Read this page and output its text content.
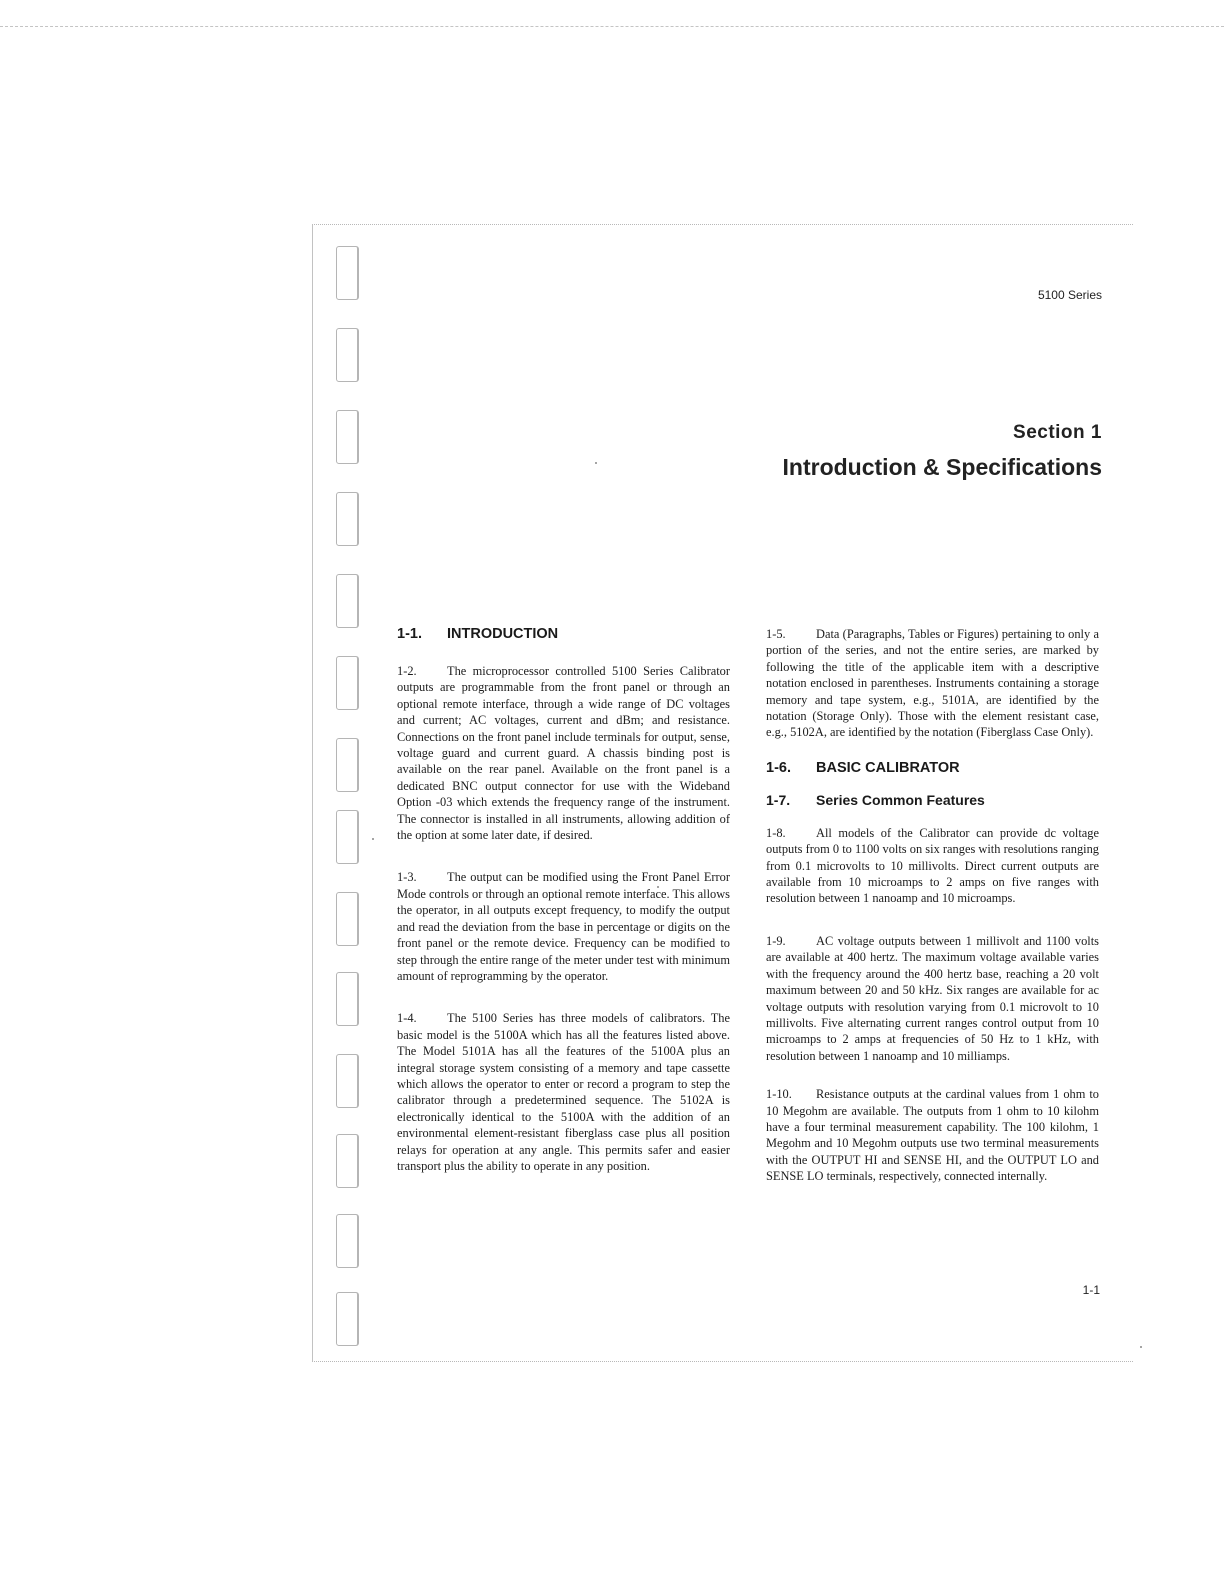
5100 Series
Section 1
Introduction & Specifications
1-1. INTRODUCTION

1-2. The microprocessor controlled 5100 Series Calibrator outputs are programmable from the front panel or through an optional remote interface, through a wide range of DC voltages and current; AC voltages, current and dBm; and resistance. Connections on the front panel include terminals for output, sense, voltage guard and current guard. A chassis binding post is available on the rear panel. Available on the front panel is a dedicated BNC output connector for use with the Wideband Option -03 which extends the frequency range of the instrument. The connector is installed in all instruments, allowing addition of the option at some later date, if desired.

1-3. The output can be modified using the Front Panel Error Mode controls or through an optional remote interface. This allows the operator, in all outputs except frequency, to modify the output and read the deviation from the base in percentage or digits on the front panel or the remote device. Frequency can be modified to step through the entire range of the meter under test with minimum amount of reprogramming by the operator.

1-4. The 5100 Series has three models of calibrators. The basic model is the 5100A which has all the features listed above. The Model 5101A has all the features of the 5100A plus an integral storage system consisting of a memory and tape cassette which allows the operator to enter or record a program to step the calibrator through a predetermined sequence. The 5102A is electronically identical to the 5100A with the addition of an environmental element-resistant fiberglass case plus all position relays for operation at any angle. This permits safer and easier transport plus the ability to operate in any position.

1-5. Data (Paragraphs, Tables or Figures) pertaining to only a portion of the series, and not the entire series, are marked by following the title of the applicable item with a descriptive notation enclosed in parentheses. Instruments containing a storage memory and tape system, e.g., 5101A, are identified by the notation (Storage Only). Those with the element resistant case, e.g., 5102A, are identified by the notation (Fiberglass Case Only).

1-6. BASIC CALIBRATOR
1-7. Series Common Features

1-8. All models of the Calibrator can provide dc voltage outputs from 0 to 1100 volts on six ranges with resolutions ranging from 0.1 microvolts to 10 millivolts. Direct current outputs are available from 10 microamps to 2 amps on five ranges with resolution between 1 nanoamp and 10 microamps.

1-9. AC voltage outputs between 1 millivolt and 1100 volts are available at 400 hertz. The maximum voltage available varies with the frequency around the 400 hertz base, reaching a 20 volt maximum between 20 and 50 kHz. Six ranges are available for ac voltage outputs with resolution varying from 0.1 microvolt to 10 millivolts. Five alternating current ranges control output from 10 microamps to 2 amps at frequencies of 50 Hz to 1 kHz, with resolution between 1 nanoamp and 10 milliamps.

1-10. Resistance outputs at the cardinal values from 1 ohm to 10 Megohm are available. The outputs from 1 ohm to 10 kilohm have a four terminal measurement capability. The 100 kilohm, 1 Megohm and 10 Megohm outputs use two terminal measurements with the OUTPUT HI and SENSE HI, and the OUTPUT LO and SENSE LO terminals, respectively, connected internally.

1-1
